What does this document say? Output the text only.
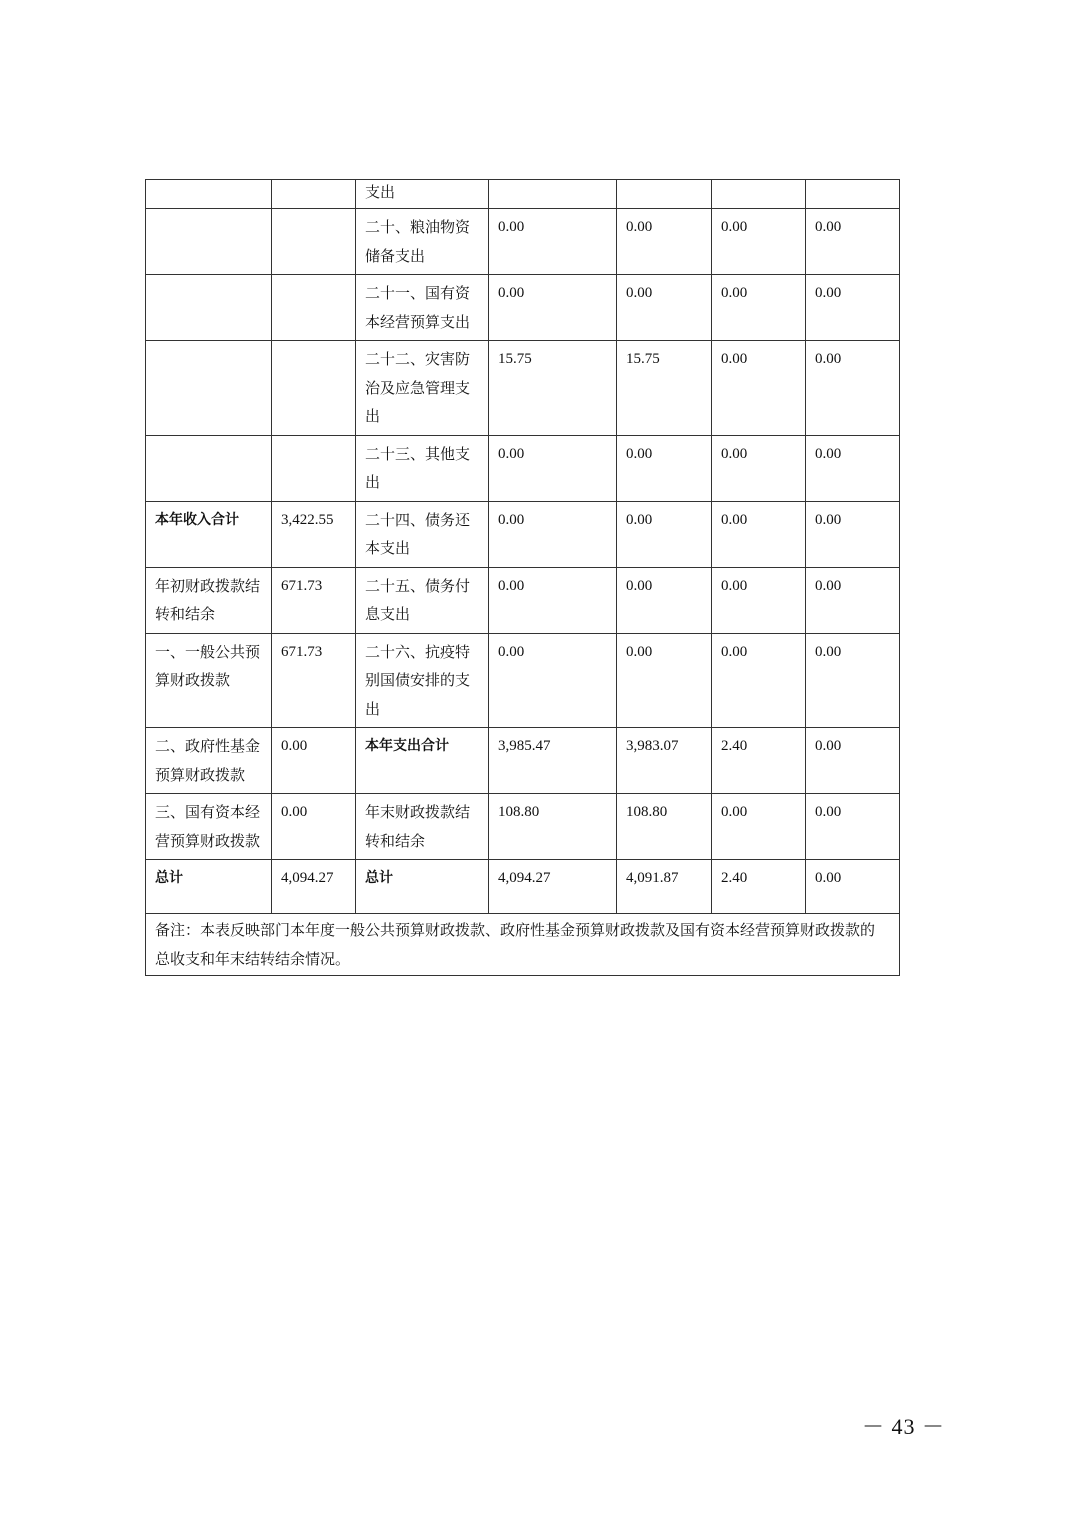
		支出				
		二十、粮油物资储备支出	0.00	0.00	0.00	0.00
		二十一、国有资本经营预算支出	0.00	0.00	0.00	0.00
		二十二、灾害防治及应急管理支出	15.75	15.75	0.00	0.00
		二十三、其他支出	0.00	0.00	0.00	0.00
本年收入合计	3,422.55	二十四、债务还本支出	0.00	0.00	0.00	0.00
年初财政拨款结转和结余	671.73	二十五、债务付息支出	0.00	0.00	0.00	0.00
一、一般公共预算财政拨款	671.73	二十六、抗疫特别国债安排的支出	0.00	0.00	0.00	0.00
二、政府性基金预算财政拨款	0.00	本年支出合计	3,985.47	3,983.07	2.40	0.00
三、国有资本经营预算财政拨款	0.00	年末财政拨款结转和结余	108.80	108.80	0.00	0.00
总计	4,094.27	总计	4,094.27	4,091.87	2.40	0.00
备注：本表反映部门本年度一般公共预算财政拨款、政府性基金预算财政拨款及国有资本经营预算财政拨款的总收支和年末结转结余情况。						
－ 43 －
